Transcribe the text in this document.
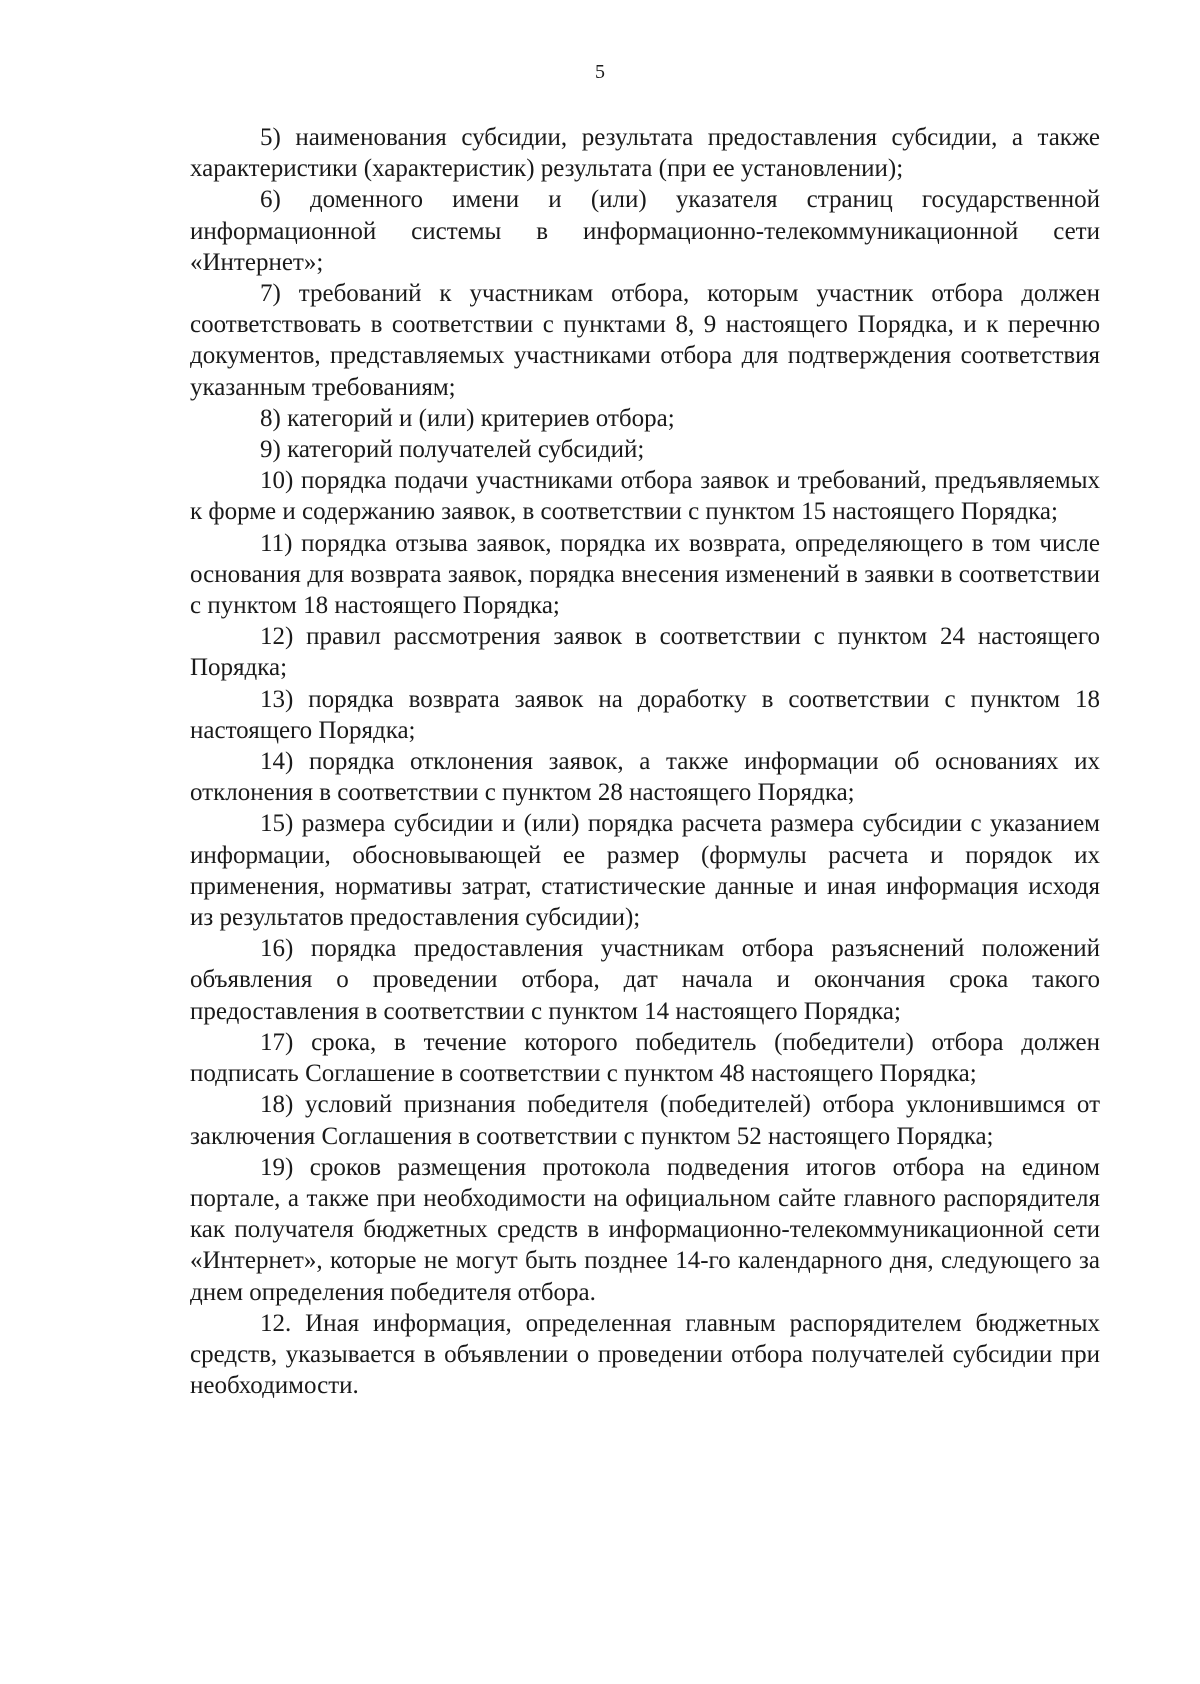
5

5) наименования субсидии, результата предоставления субсидии, а также характеристики (характеристик) результата (при ее установлении);

6) доменного имени и (или) указателя страниц государственной информационной системы в информационно-телекоммуникационной сети «Интернет»;

7) требований к участникам отбора, которым участник отбора должен соответствовать в соответствии с пунктами 8, 9 настоящего Порядка, и к перечню документов, представляемых участниками отбора для подтверждения соответствия указанным требованиям;

8) категорий и (или) критериев отбора;

9) категорий получателей субсидий;

10) порядка подачи участниками отбора заявок и требований, предъявляемых к форме и содержанию заявок, в соответствии с пунктом 15 настоящего Порядка;

11) порядка отзыва заявок, порядка их возврата, определяющего в том числе основания для возврата заявок, порядка внесения изменений в заявки в соответствии с пунктом 18 настоящего Порядка;

12) правил рассмотрения заявок в соответствии с пунктом 24 настоящего Порядка;

13) порядка возврата заявок на доработку в соответствии с пунктом 18 настоящего Порядка;

14) порядка отклонения заявок, а также информации об основаниях их отклонения в соответствии с пунктом 28 настоящего Порядка;

15) размера субсидии и (или) порядка расчета размера субсидии с указанием информации, обосновывающей ее размер (формулы расчета и порядок их применения, нормативы затрат, статистические данные и иная информация исходя из результатов предоставления субсидии);

16) порядка предоставления участникам отбора разъяснений положений объявления о проведении отбора, дат начала и окончания срока такого предоставления в соответствии с пунктом 14 настоящего Порядка;

17) срока, в течение которого победитель (победители) отбора должен подписать Соглашение в соответствии с пунктом 48 настоящего Порядка;

18) условий признания победителя (победителей) отбора уклонившимся от заключения Соглашения в соответствии с пунктом 52 настоящего Порядка;

19) сроков размещения протокола подведения итогов отбора на едином портале, а также при необходимости на официальном сайте главного распорядителя как получателя бюджетных средств в информационно-телекоммуникационной сети «Интернет», которые не могут быть позднее 14-го календарного дня, следующего за днем определения победителя отбора.

12. Иная информация, определенная главным распорядителем бюджетных средств, указывается в объявлении о проведении отбора получателей субсидии при необходимости.
